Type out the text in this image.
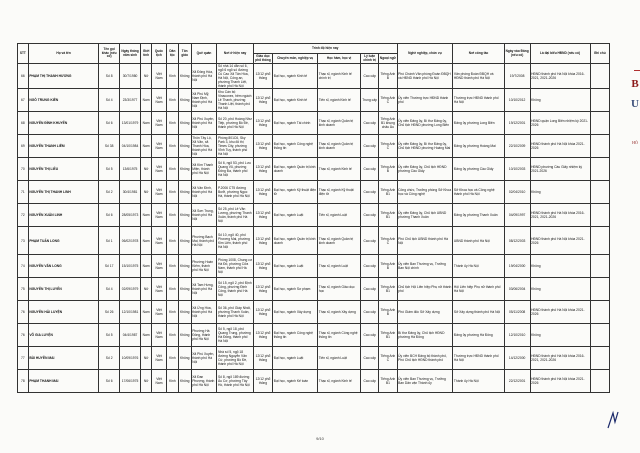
STT	Họ và tên	Tên gọi khác (nếu có)	Ngày tháng năm sinh	Giới tính	Quốc tịch	Dân tộc	Tôn giáo	Quê quán	Nơi ở hiện nay	Trình độ hiện nay					Nghề nghiệp, chức vụ	Nơi công tác	Ngày vào Đảng (nếu có)	Là đại biểu HĐND (nếu có)	Ghi chú
										Giáo dục phổ thông	Chuyên môn, nghiệp vụ	Học hàm, học vị	Lý luận chính trị	Ngoại ngữ					
66	PHẠM THỊ THANH HƯƠNG	Số 8	30/7/1980	Nữ	Việt Nam	Kinh	Không	Xã Đông Hòa, thành phố Hà Nội	Số nhà 14 dẫn số 6, ngõ 6 ngõ số đường Cù Cao Xã Tân Hòa, Hà Nội, Cống an, phường Thanh Liệt, thành phố Hà Nội	12/12 phổ thông	Đại học, ngành Kinh tế	Thạc sĩ, ngành Kinh tế chính trị	Cao cấp	Tiếng Anh B	Phó Chánh Văn phòng Đoàn ĐBQH và HĐND thành phố Hà Nội	Văn phòng Đoàn ĐBQH và HĐND thành phố Hà Nội	19/7/2008	HĐND thành phố Hà Nội khóa 2016-2021, 2021-2026	
67	NGÔ TRUNG KIÊN	Số 4	23/3/1977	Nam	Việt Nam	Kinh	Không	Xã Phú Mỹ, Nam Định, thành phố Hà Nội	Khu Cán bộ Vinaconex, hẻm ngách Lê Thanh, phường Thanh Liệt, thành phố Hà Nội	12/12 phổ thông	Đại học, ngành Kinh tế	Tiến sĩ, ngành Kinh tế	Trung cấp	Tiếng Anh C	Ủy viên Thường trực HĐND thành phố	Thường trực HĐND thành phố Hà Nội	10/10/2012	Không	
68	NGUYỄN ĐÌNH KHUYẾN	Số 6	13/01/1979	Nam	Việt Nam	Kinh	Không	Xã Phú Xuyên, thành phố Hà Nội	Số 20, phố Hoàng Như Tiếp, phường Bồ Đề, thành phố Hà Nội	12/12 phổ thông	Đại học, ngành Tài chính	Thạc sĩ, ngành Quản trị kinh doanh	Cao cấp	Tiếng Anh B1 khung châu Âu	Ủy viên Đảng ủy, Bí thư Đảng ủy, Chủ tịch HĐND phường Long Biên	Đảng ủy phường Long Biên	19/12/2001	HĐND quận Long Biên nhiệm kỳ 2021-2026	
69	NGUYỄN THANH LIÊM	Số 38	04/10/1984	Nam	Việt Nam	Kinh	Không	Thôn Tây Lộ, Xã Văn, xã Thanh Hòa, thành phố Hà Nội	Phòng 801C6, Sky Park 3, khu đô thị Times City, phường Vĩnh Tuy, thành phố Hà Nội	12/12 phổ thông	Đại học, ngành Công nghệ thông tin	Thạc sĩ, ngành Quản trị kinh doanh	Cao cấp	Tiếng Anh C	Ủy viên Đảng ủy, Bí thư Đảng ủy, Chủ tịch HĐND phường Hoàng Mai	Đảng ủy phường Hoàng Mai	22/10/2009	HĐND thành phố Hà Nội khóa 2021-2026	
70	NGUYỄN THỊ LIỄU	Số 5	13/6/1975	Nữ	Việt Nam	Kinh	Không	Xã Kim Thanh Miện, thành phố Hà Nội	Số 6, ngõ 53, phố Lưu Quang Vũ, phường Đống Đa, thành phố Hà Nội	12/12 phổ thông	Đại học, ngành Quản trị kinh doanh	Thạc sĩ, ngành Kinh tế	Cao cấp	Tiếng Anh B	Ủy viên Đảng ủy, Chủ tịch HĐND phường Cầu Giấy	Đảng ủy phường Cầu Giấy	10/10/2003	HĐND phường Cầu Giấy nhiệm kỳ 2021-2026	
71	NGUYỄN THỊ THANH LINH	Số 2	30/4/1981	Nữ	Việt Nam	Kinh	Không	Xã Vân Đình, thành phố Hà Nội	P.2006 CT5 đường Bưởi, phường Ngọc Hà, thành phố Hà Nội	12/12 phổ thông	Đại học, ngành Kỹ thuật điện tử	Thạc sĩ, ngành Kỹ thuật điện tử	Cao cấp	Tiếng Anh B1	Công chức, Trưởng phòng Sở Khoa học và Công nghệ	Sở Khoa học và Công nghệ thành phố Hà Nội	02/04/2010	Không	
72	NGUYỄN XUÂN LINH	Số 6	28/05/1973	Nam	Việt Nam	Kinh	Không	Xã Sơn Trung, thành phố Hà Nội	Số 25, phố Lê Văn Lương, phường Thanh Xuân, thành phố Hà Nội	12/12 phổ thông	Đại học, ngành Luật	Tiến sĩ, ngành Luật	Cao cấp	Tiếng Anh B1	Ủy viên Đảng ủy, Chủ tịch UBND phường Thanh Xuân	Đảng ủy phường Thanh Xuân	04/09/1997	HĐND thành phố Hà Nội khóa 2016-2021, 2021-2026	
73	PHẠM TUẤN LONG	Số 1	06/02/1978	Nam	Việt Nam	Kinh	Không	Phường Bạch Mai, thành phố Hà Nội	Số 10, ngõ 40, phố Phương Mai, phường Kim Liên, thành phố Hà Nội	12/12 phổ thông	Đại học, ngành Quản trị kinh doanh	Thạc sĩ, ngành Quản trị kinh doanh	Cao cấp	Tiếng Anh C	Phó Chủ tịch UBND thành phố Hà Nội	UBND thành phố Hà Nội	08/12/2003	HĐND thành phố Hà Nội khóa 2021-2026	
74	NGUYỄN VĂN LONG	Số 17	15/10/1975	Nam	Việt Nam	Kinh	Không	Phường Hoàn Kiếm, thành phố Hà Nội	Phòng 1008, Chung cư Hà Đô, phường Cửa Nam, thành phố Hà Nội	12/12 phổ thông	Đại học, ngành Luật	Thạc sĩ, ngành Luật	Cao cấp	Tiếng Anh B	Ủy viên Ban Thường vụ, Trưởng Ban Nội chính	Thành ủy Hà Nội	19/04/2000	Không	
75	NGUYỄN THỊ LUYẾN	Số 4	02/09/1979	Nữ	Việt Nam	Kinh	Không	Xã Tam Hưng, thành phố Hà Nội	Số 15, ngõ 2, phố Định Công, phường Định Công, thành phố Hà Nội	12/12 phổ thông	Đại học, ngành Sư phạm	Thạc sĩ, ngành Giáo dục học	Cao cấp	Tiếng Anh B1	Chủ tịch Hội Liên hiệp Phụ nữ thành phố	Hội Liên hiệp Phụ nữ thành phố Hà Nội	03/06/2004	Không	
76	NGUYỄN HẢI LUYỆN	Số 26	12/10/1981	Nam	Việt Nam	Kinh	Không	Xã Ứng Hòa, thành phố Hà Nội	Số 36, phố Giáp Nhất, phường Thanh Xuân, thành phố Hà Nội	12/12 phổ thông	Đại học, ngành Xây dựng	Thạc sĩ, ngành Xây dựng	Cao cấp	Tiếng Anh B	Phó Giám đốc Sở Xây dựng	Sở Xây dựng thành phố Hà Nội	05/11/2008	HĐND thành phố Hà Nội khóa 2021-2026	
76	VÕ GIA LUYỆN	Số 5	04/4/1987	Nam	Việt Nam	Kinh	Không	Phường Hà Đông, thành phố Hà Nội	Số 5, ngõ 18, phố Quang Trung, phường Hà Đông, thành phố Hà Nội	12/12 phổ thông	Đại học, ngành Công nghệ thông tin	Thạc sĩ, ngành Công nghệ thông tin	Cao cấp	Tiếng Anh B1	Bí thư Đảng ủy, Chủ tịch HĐND phường Hà Đông	Đảng ủy phường Hà Đông	12/10/2010	Không	
77	BÙI HUYỀN MAI	Số 2	10/09/1976	Nữ	Việt Nam	Kinh	Không	Xã Phú Xuyên, thành phố Hà Nội	Nhà số 5, ngõ 18 đường Nguyễn Văn Cừ, phường Bồ Đề, thành phố Hà Nội	12/12 phổ thông	Đại học, ngành Luật	Tiến sĩ, ngành Luật	Cao cấp	Tiếng Anh C	Ủy viên BCH Đảng bộ thành phố, Phó Chủ tịch HĐND thành phố	Thường trực HĐND thành phố Hà Nội	14/12/2000	HĐND thành phố Hà Nội khóa 2016-2021, 2021-2026	
78	PHẠM THANH MAI	Số 6	17/06/1975	Nữ	Việt Nam	Kinh	Không	Xã Đan Phượng, thành phố Hà Nội	Số 8, ngõ 189 đường Âu Cơ, phường Tây Hồ, thành phố Hà Nội	12/12 phổ thông	Đại học, ngành Kế toán	Thạc sĩ, ngành Kinh tế	Cao cấp	Tiếng Anh B1	Ủy viên Ban Thường vụ, Trưởng Ban Dân vận Thành ủy	Thành ủy Hà Nội	22/12/2001	HĐND thành phố Hà Nội khóa 2021-2026	
9/10
B
U
HÒ
